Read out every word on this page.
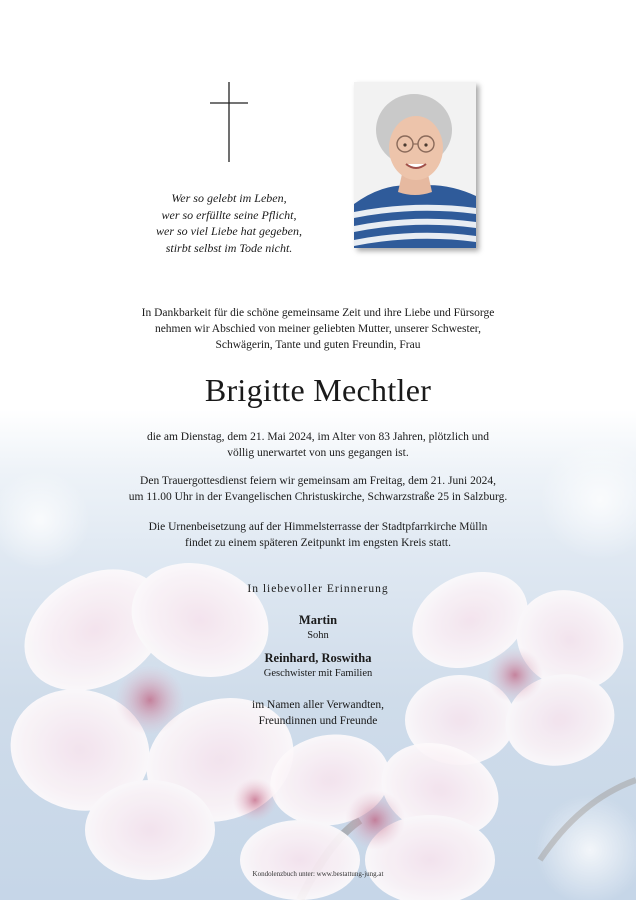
Wer so gelebt im Leben,
wer so erfüllte seine Pflicht,
wer so viel Liebe hat gegeben,
stirbt selbst im Tode nicht.
In Dankbarkeit für die schöne gemeinsame Zeit und ihre Liebe und Fürsorge
nehmen wir Abschied von meiner geliebten Mutter, unserer Schwester,
Schwägerin, Tante und guten Freundin, Frau
Brigitte Mechtler
die am Dienstag, dem 21. Mai 2024, im Alter von 83 Jahren, plötzlich und
völlig unerwartet von uns gegangen ist.
Den Trauergottesdienst feiern wir gemeinsam am Freitag, dem 21. Juni 2024,
um 11.00 Uhr in der Evangelischen Christuskirche, Schwarzstraße 25 in Salzburg.
Die Urnenbeisetzung auf der Himmelsterrasse der Stadtpfarrkirche Mülln
findet zu einem späteren Zeitpunkt im engsten Kreis statt.
In liebevoller Erinnerung
Martin
Sohn
Reinhard, Roswitha
Geschwister mit Familien
im Namen aller Verwandten,
Freundinnen und Freunde
Kondolenzbuch unter: www.bestattung-jung.at
